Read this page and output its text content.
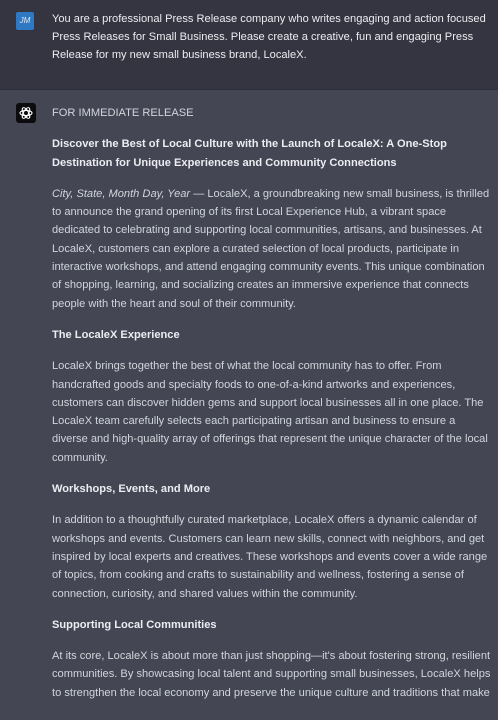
JM	You are a professional Press Release company who writes engaging and action focused Press Releases for Small Business. Please create a creative, fun and engaging Press Release for my new small business brand, LocaleX.

FOR IMMEDIATE RELEASE

Discover the Best of Local Culture with the Launch of LocaleX: A One-Stop Destination for Unique Experiences and Community Connections

City, State, Month Day, Year — LocaleX, a groundbreaking new small business, is thrilled to announce the grand opening of its first Local Experience Hub, a vibrant space dedicated to celebrating and supporting local communities, artisans, and businesses. At LocaleX, customers can explore a curated selection of local products, participate in interactive workshops, and attend engaging community events. This unique combination of shopping, learning, and socializing creates an immersive experience that connects people with the heart and soul of their community.

The LocaleX Experience

LocaleX brings together the best of what the local community has to offer. From handcrafted goods and specialty foods to one-of-a-kind artworks and experiences, customers can discover hidden gems and support local businesses all in one place. The LocaleX team carefully selects each participating artisan and business to ensure a diverse and high-quality array of offerings that represent the unique character of the local community.

Workshops, Events, and More

In addition to a thoughtfully curated marketplace, LocaleX offers a dynamic calendar of workshops and events. Customers can learn new skills, connect with neighbors, and get inspired by local experts and creatives. These workshops and events cover a wide range of topics, from cooking and crafts to sustainability and wellness, fostering a sense of connection, curiosity, and shared values within the community.

Supporting Local Communities

At its core, LocaleX is about more than just shopping—it's about fostering strong, resilient communities. By showcasing local talent and supporting small businesses, LocaleX helps to strengthen the local economy and preserve the unique culture and traditions that make
